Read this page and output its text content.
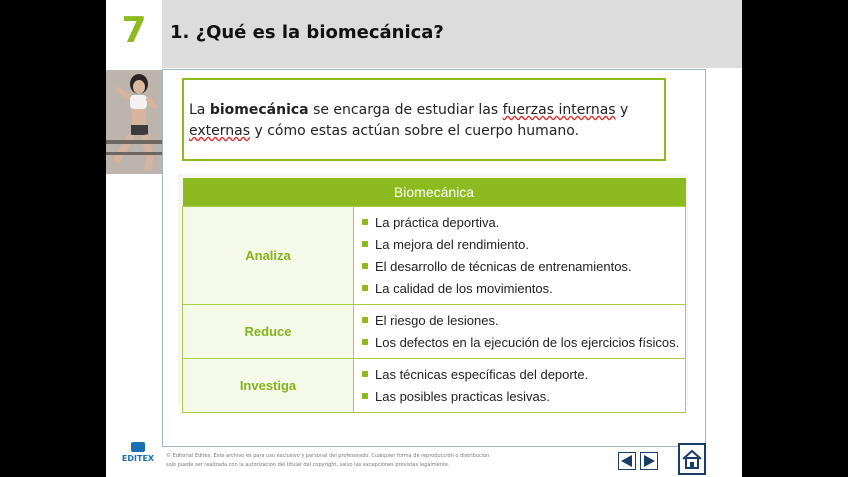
7	1. ¿Qué es la biomecánica?
La biomecánica se encarga de estudiar las fuerzas internas y externas y cómo estas actúan sobre el cuerpo humano.
Biomecánica	
Analiza	La práctica deportiva.
La mejora del rendimiento.
El desarrollo de técnicas de entrenamientos.
La calidad de los movimientos.

Reduce	El riesgo de lesiones.
Los defectos en la ejecución de los ejercicios físicos.

Investiga	Las técnicas específicas del deporte.
Las posibles practicas lesivas.
EDITEX	© Editorial Editex. Este archivo es para uso exclusivo y personal del profesorado. Cualquier forma de reproducción o distribución
solo puede ser realizada con la autorización del titular del copyright, salvo las excepciones previstas legalmente.
